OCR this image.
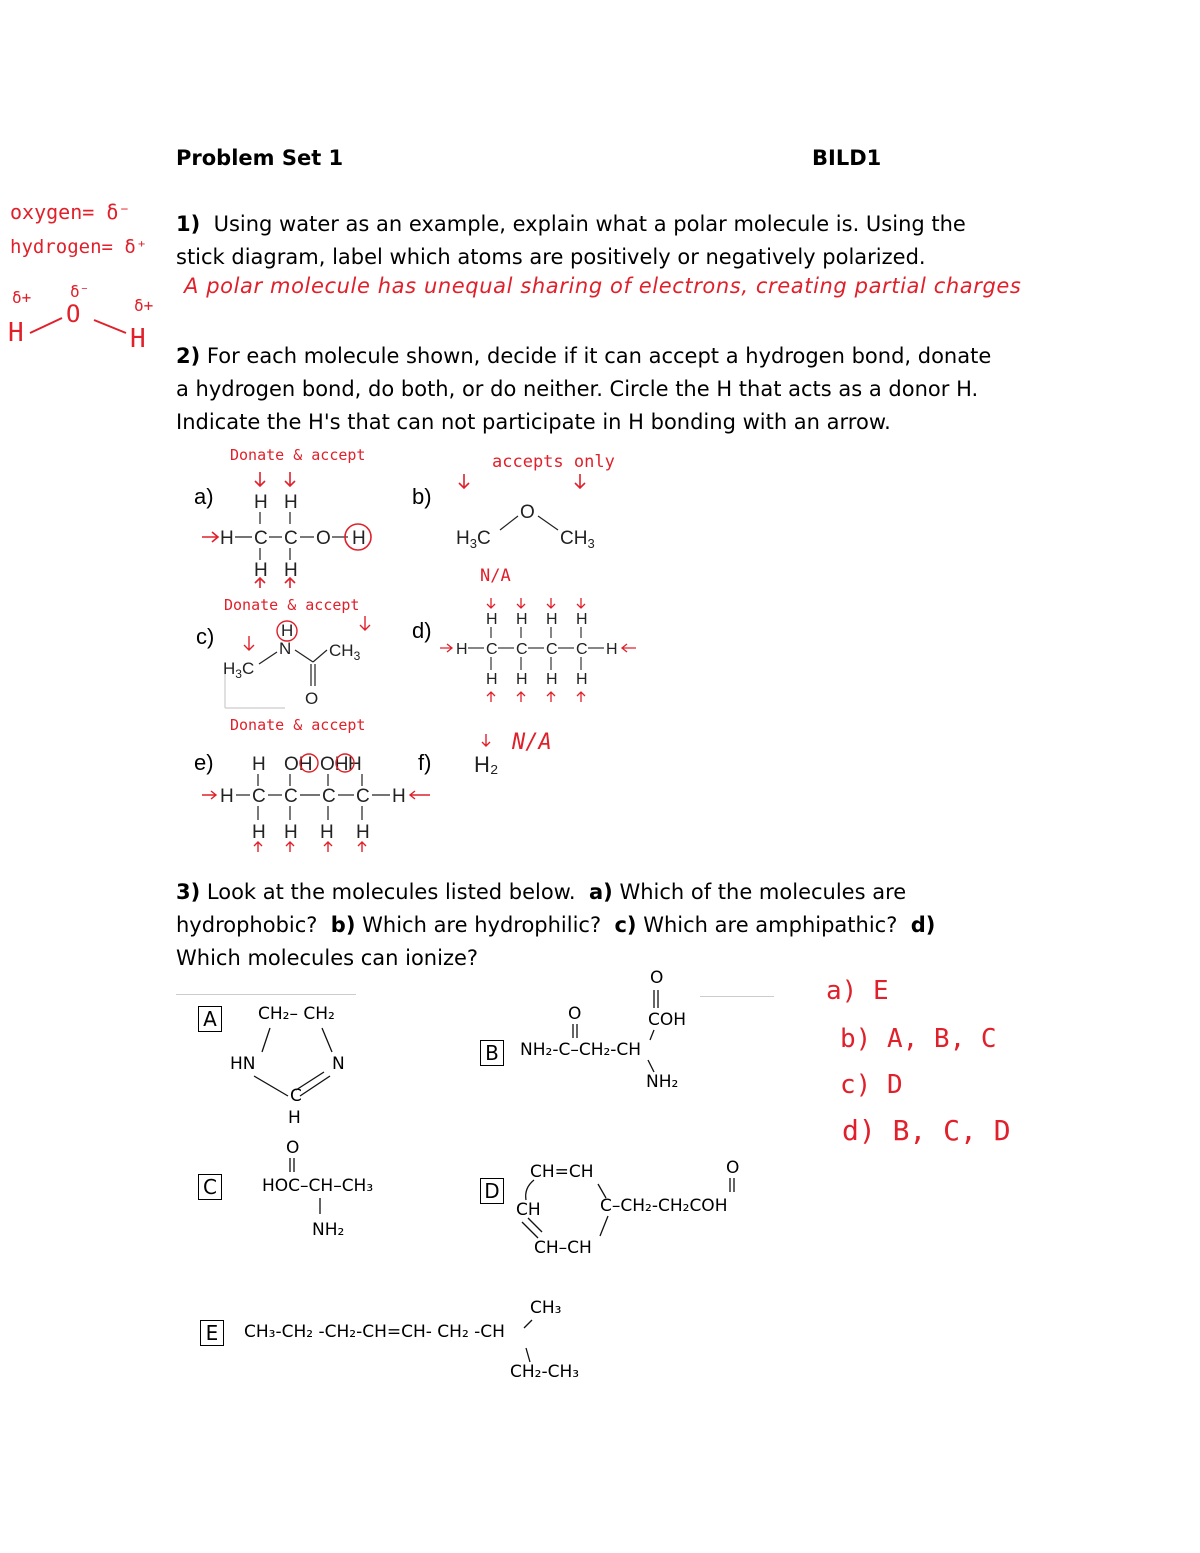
Problem Set 1	BILD1
oxygen= δ⁻
hydrogen= δ⁺
δ+ δ⁻
δ+
H
O
H
1) Using water as an example, explain what a polar molecule is. Using the
stick diagram, label which atoms are positively or negatively polarized.
A polar molecule has unequal sharing of electrons, creating partial charges
2) For each molecule shown, decide if it can accept a hydrogen bond, donate
a hydrogen bond, do both, or do neither. Circle the H that acts as a donor H.
Indicate the H's that can not participate in H bonding with an arrow.
a)	b)
c)	d)
e)	f)
Donate & accept	accepts only
N/A
Donate & accept
Donate & accept
N/A
H H
H C C O H
H H
$H_3C$
O
$CH_3$
$H_3C$
N
H
$CH_3$
O
H H H H
H C C C C H
H H H H
H OH OH H
H C C C C H
H H H H
H₂
3) Look at the molecules listed below. a) Which of the molecules are
hydrophobic? b) Which are hydrophilic? c) Which are amphipathic? d)
Which molecules can ionize?
a) E
b) A, B, C
c) D
d) B, C, D
A	CH₂– CH₂
HN	N
C
H
B
O
NH₂-C–CH₂-CH
O
COH
NH₂
C
O
HOC–CH–CH₃
NH₂
D
CH=CH
CH
CH–CH
C–CH₂-CH₂COH
O
E	CH₃-CH₂ -CH₂-CH=CH- CH₂ -CH
CH₃
CH₂-CH₃
